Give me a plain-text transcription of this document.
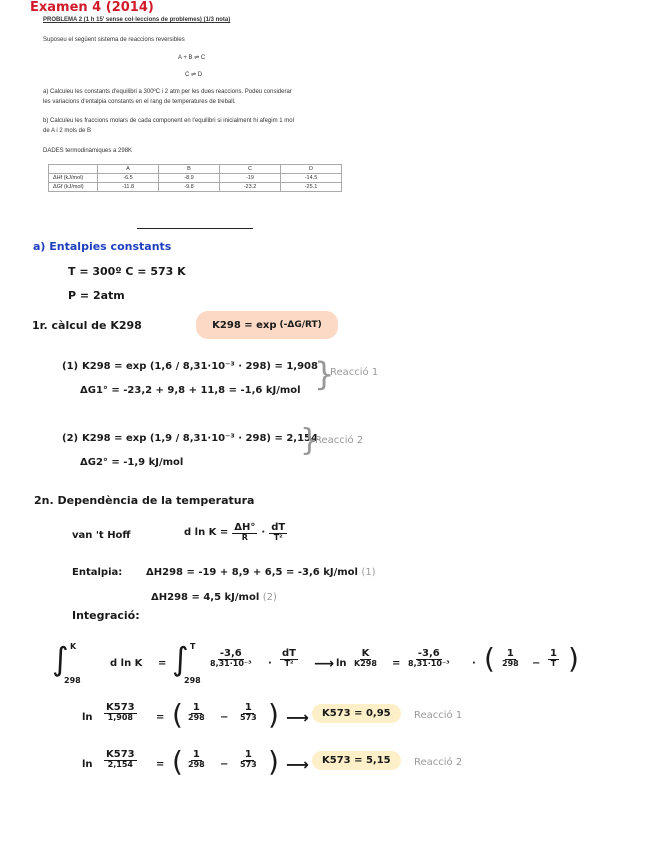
Examen 4 (2014)
PROBLEMA 2 (1 h 15' sense col·leccions de problemes) (1/3 nota)
Suposeu el següent sistema de reaccions reversibles
A + B ⇌ C
C ⇌ D
a) Calculeu les constants d'equilibri a 300ºC i 2 atm per les dues reaccions. Podeu considerar
les variacions d'entalpia constants en el rang de temperatures de treball.
b) Calculeu les fraccions molars de cada component en l'equilibri si inicialment hi afegim 1 mol
de A i 2 mols de B
DADES termodinàmiques a 298K
	A	B	C	D
ΔHf (kJ/mol)	-6.5	-8.9	-19	-14.5
ΔGf (kJ/mol)	-11.8	-9.8	-23.2	-25.1
a) Entalpies constants
T = 300º C = 573 K
P = 2atm
1r. càlcul de K298	K298 = exp (-ΔG/RT)
(1) K298 = exp (1,6 / 8,31·10⁻³ · 298) = 1,908
ΔG1° = -23,2 + 9,8 + 11,8 = -1,6 kJ/mol }
Reacció 1
(2) K298 = exp (1,9 / 8,31·10⁻³ · 298) = 2,154
ΔG2° = -1,9 kJ/mol
}
Reacció 2
2n. Dependència de la temperatura
van 't Hoff	d $\ln K = \frac{\Delta H^\circ}{R} \cdot \frac{dT}{\text{T²}}$
Entalpia: ΔH298 = -19 + 8,9 + 6,5 = -3,6 kJ/mol (1)
ΔH298 = 4,5 kJ/mol (2)
Integració:
∫ K
298
d ln K = ∫ T
298
-3,6
8,31·10⁻³ ·
dT
T² ⟶ ln
K
K298 =
-3,6
8,31·10⁻³ · ( 1
298 −
1
T )
ln
K573
1,908 = ( 1
298 −
1
573 ) ⟶	K573 = 0,95	Reacció 1
ln
K573
2,154 = ( 1
298 −
1
573 ) ⟶	K573 = 5,15	Reacció 2
